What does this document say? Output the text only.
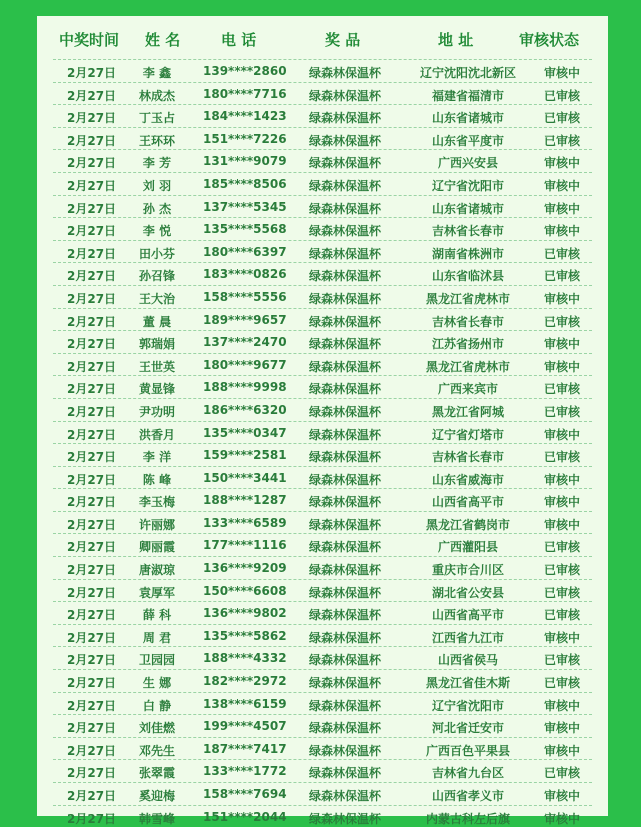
中奖时间 姓 名	电 话	奖 品	地 址	审核状态
2月27日	李 鑫	139****2860 绿森林保温杯	辽宁沈阳沈北新区	审核中
2月27日	林成杰	180****7716 绿森林保温杯	福建省福清市	已审核
2月27日	丁玉占	184****1423 绿森林保温杯	山东省诸城市	已审核
2月27日	王环环	151****7226 绿森林保温杯	山东省平度市	已审核
2月27日	李 芳	131****9079 绿森林保温杯	广西兴安县	审核中
2月27日	刘 羽	185****8506 绿森林保温杯	辽宁省沈阳市	审核中
2月27日	孙 杰	137****5345 绿森林保温杯	山东省诸城市	审核中
2月27日	李 悦	135****5568 绿森林保温杯	吉林省长春市	审核中
2月27日	田小芬	180****6397 绿森林保温杯	湖南省株洲市	已审核
2月27日	孙召锋	183****0826 绿森林保温杯	山东省临沭县	已审核
2月27日	王大治	158****5556 绿森林保温杯	黑龙江省虎林市	审核中
2月27日	董 晨	189****9657 绿森林保温杯	吉林省长春市	已审核
2月27日	郭瑞娟	137****2470 绿森林保温杯	江苏省扬州市	审核中
2月27日	王世英	180****9677 绿森林保温杯	黑龙江省虎林市	审核中
2月27日	黄显锋	188****9998 绿森林保温杯	广西来宾市	已审核
2月27日	尹功明	186****6320 绿森林保温杯	黑龙江省阿城	已审核
2月27日	洪香月	135****0347 绿森林保温杯	辽宁省灯塔市	审核中
2月27日	李 洋	159****2581 绿森林保温杯	吉林省长春市	已审核
2月27日	陈 峰	150****3441 绿森林保温杯	山东省威海市	审核中
2月27日	李玉梅	188****1287 绿森林保温杯	山西省高平市	审核中
2月27日	许丽娜	133****6589 绿森林保温杯	黑龙江省鹤岗市	审核中
2月27日	卿丽霞	177****1116 绿森林保温杯	广西灌阳县	已审核
2月27日	唐淑琼	136****9209 绿森林保温杯	重庆市合川区	已审核
2月27日	袁厚军	150****6608 绿森林保温杯	湖北省公安县	已审核
2月27日	薛 科	136****9802 绿森林保温杯	山西省高平市	已审核
2月27日	周 君	135****5862 绿森林保温杯	江西省九江市	审核中
2月27日	卫园园	188****4332 绿森林保温杯	山西省侯马	已审核
2月27日	生 娜	182****2972 绿森林保温杯	黑龙江省佳木斯	已审核
2月27日	白 静	138****6159 绿森林保温杯	辽宁省沈阳市	审核中
2月27日	刘佳燃	199****4507 绿森林保温杯	河北省迁安市	审核中
2月27日	邓先生	187****7417 绿森林保温杯	广西百色平果县	审核中
2月27日	张翠霞	133****1772 绿森林保温杯	吉林省九台区	已审核
2月27日	奚迎梅	158****7694 绿森林保温杯	山西省孝义市	审核中
2月27日	韩雪峰	151****2044 绿森林保温杯	内蒙古科左后旗	审核中
